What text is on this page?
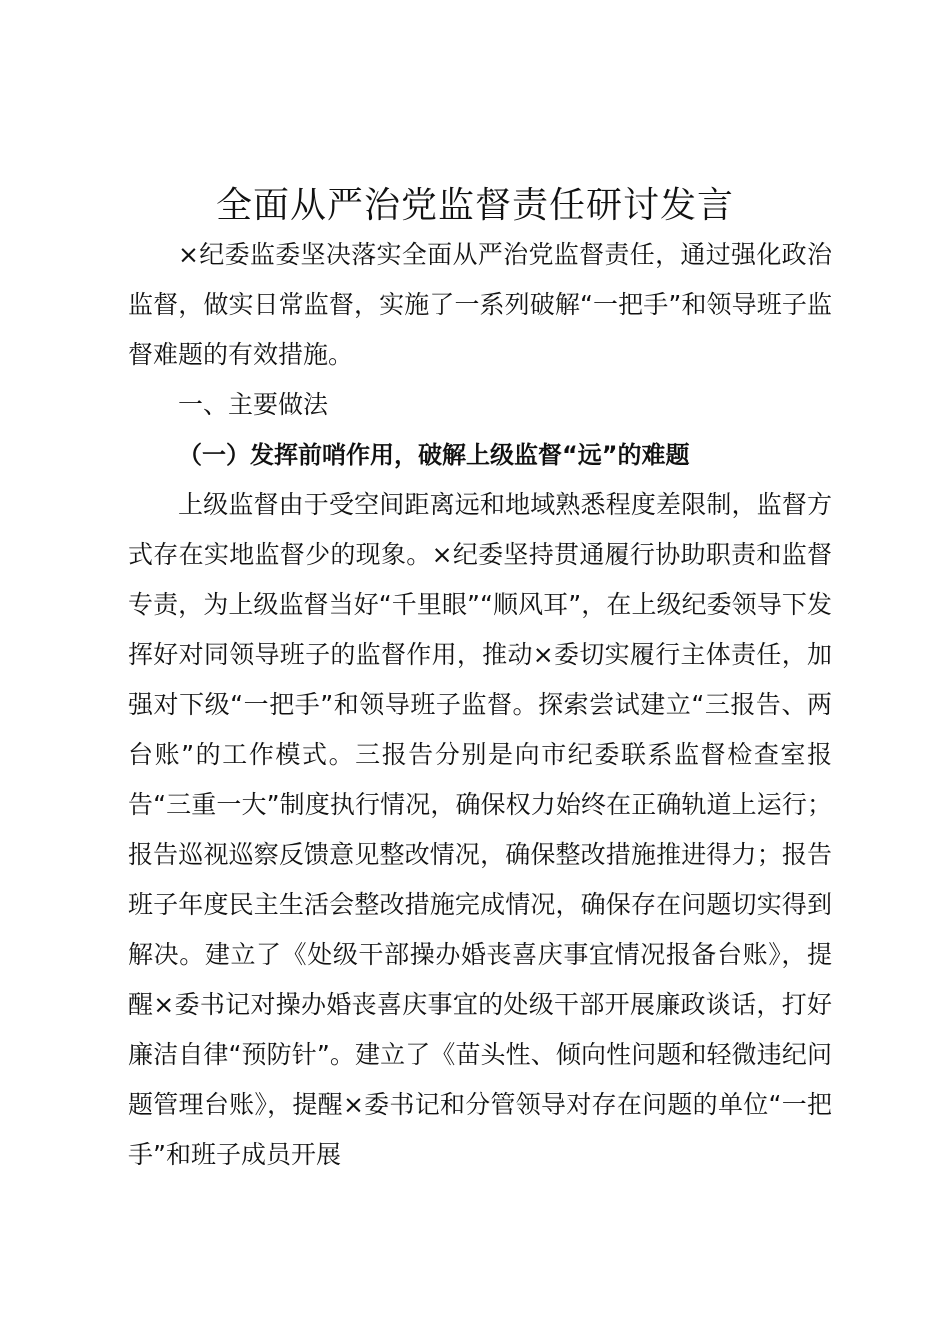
全面从严治党监督责任研讨发言

×纪委监委坚决落实全面从严治党监督责任，通过强化政治监督，做实日常监督，实施了一系列破解“一把手”和领导班子监督难题的有效措施。

一、主要做法

（一）发挥前哨作用，破解上级监督“远”的难题

上级监督由于受空间距离远和地域熟悉程度差限制，监督方式存在实地监督少的现象。×纪委坚持贯通履行协助职责和监督专责，为上级监督当好“千里眼”“顺风耳”，在上级纪委领导下发挥好对同领导班子的监督作用，推动×委切实履行主体责任，加强对下级“一把手”和领导班子监督。探索尝试建立“三报告、两台账”的工作模式。三报告分别是向市纪委联系监督检查室报告“三重一大”制度执行情况，确保权力始终在正确轨道上运行；报告巡视巡察反馈意见整改情况，确保整改措施推进得力；报告班子年度民主生活会整改措施完成情况，确保存在问题切实得到解决。建立了《处级干部操办婚丧喜庆事宜情况报备台账》，提醒×委书记对操办婚丧喜庆事宜的处级干部开展廉政谈话，打好廉洁自律“预防针”。建立了《苗头性、倾向性问题和轻微违纪问题管理台账》，提醒×委书记和分管领导对存在问题的单位“一把手”和班子成员开展
